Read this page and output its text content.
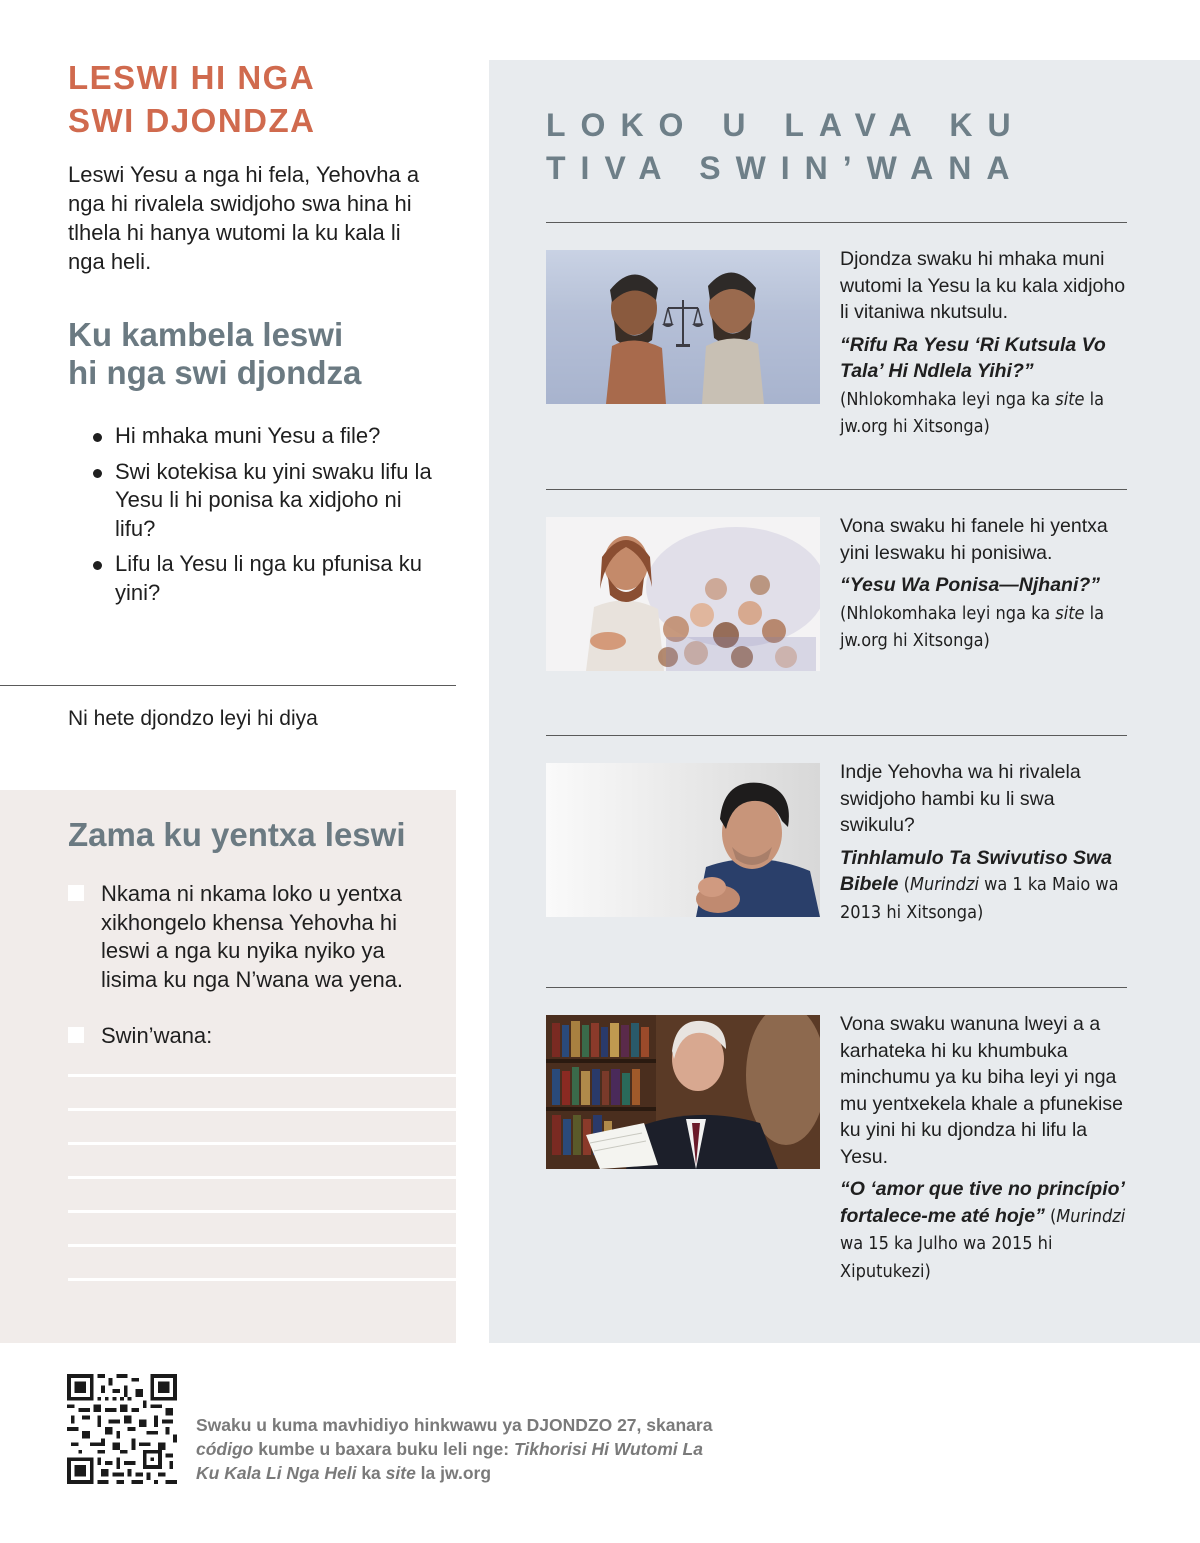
LESWI HI NGA
SWI DJONDZA

Leswi Yesu a nga hi fela, Yehovha a nga hi rivalela swidjoho swa hina hi tlhela hi hanya wutomi la ku kala li nga heli.

Ku kambela leswi
hi nga swi djondza
Hi mhaka muni Yesu a file?
Swi kotekisa ku yini swaku lifu la Yesu li hi ponisa ka xidjoho ni lifu?
Lifu la Yesu li nga ku pfunisa ku yini?

Ni hete djondzo leyi hi diya

Zama ku yentxa leswi
Nkama ni nkama loko u yentxa xikhongelo khensa Yehovha hi leswi a nga ku nyika nyiko ya lisima ku nga N’wana wa yena.
Swin’wana:
LOKO U LAVA KU
TIVA SWIN’WANA
Djondza swaku hi mhaka muni wutomi la Yesu la ku kala xidjoho li vitaniwa nkutsulu.
“Rifu Ra Yesu ‘Ri Kutsula Vo Tala’ Hi Ndlela Yihi?” (Nhlokomhaka leyi nga ka site la jw.org hi Xitsonga)
Vona swaku hi fanele hi yentxa yini leswaku hi ponisiwa.
“Yesu Wa Ponisa—Njhani?” (Nhlokomhaka leyi nga ka site la jw.org hi Xitsonga)
Indje Yehovha wa hi rivalela swidjoho hambi ku li swa swikulu?
Tinhlamulo Ta Swivutiso Swa Bibele (Murindzi wa 1 ka Maio wa 2013 hi Xitsonga)
Vona swaku wanuna lweyi a a karhateka hi ku khumbuka minchumu ya ku biha leyi yi nga mu yentxekela khale a pfunekise ku yini hi ku djondza hi lifu la Yesu.
“O ‘amor que tive no princípio’ fortalece-me até hoje” (Murindzi wa 15 ka Julho wa 2015 hi Xiputukezi)

Swaku u kuma mavhidiyo hinkwawu ya DJONDZO 27, skanara código kumbe u baxara buku leli nge: Tikhorisi Hi Wutomi La Ku Kala Li Nga Heli ka site la jw.org
